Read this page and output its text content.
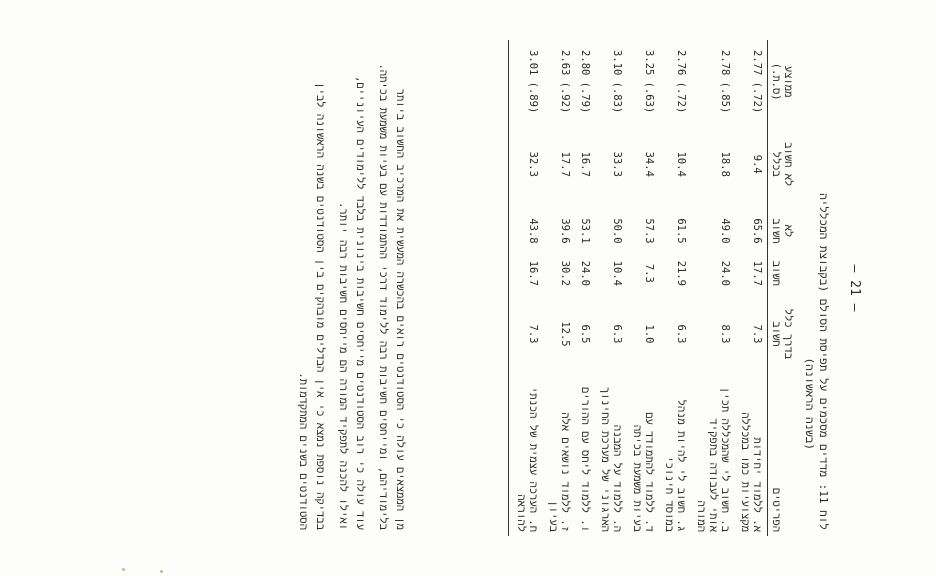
– 21 –
לוח 11: מדדים מסכמים על תפיסת הסולם (בקבוצת המכלליה
(בשנה הראשונה)
הפריטים	בדרך כלל חשוב	חשוב	לא חשוב	לא חשוב בכלל	ממוצע (ס.ת.)
א. ללמוד יחידות מקצועיות כמו במכללה	7.3	17.7	65.6	9.4	2.77 (.72)
ב. חשוב לי שהמכללה תכין אותי לעבודה בתפקיד המורה	8.3	24.0	49.0	18.8	2.78 (.85)
ג. חשוב לי להיות מנהל במוסד חינוכי	6.3	21.9	61.5	10.4	2.76 (.72)
ד. ללמוד להתמודד עם בעיות משמעת בכיתה	1.0	7.3	57.3	34.4	3.25 (.63)
ה. ללמוד על המבנה הארגוני של מערכת החינוך	6.3	10.4	50.0	33.3	3.10 (.83)
ו. ללמוד ליחס עם ההורים	6.5	24.0	53.1	16.7	2.80 (.79)
ז. ללמוד נושאים אלה בעיון	12.5	30.2	39.6	17.7	2.63 (.92)
ח. הערכה עצמית של הכנתי להוראה	7.3	16.7	43.8	32.3	3.01 (.89)

מן הממצאים עולה כי הסטודנטים רואים בהכשרה המעשית את המרכיב החשוב ביותר בלימודיהם, ומייחסים חשיבות רבה ללימוד דרכי ההתמודדות עם בעיות משמעת בכיתה.

עוד עולה כי רוב הסטודנטים מייחסים חשיבות בינונית בלבד ללימודים העיוניים, ואילו להכנה לתפקיד המורה הם מייחסים חשיבות רבה יותר.

בבדיקה נוספת נמצא כי אין הבדלים מובהקים בין הסטודנטים בשנה הראשונה לבין הסטודנטים בשנים המתקדמות.
